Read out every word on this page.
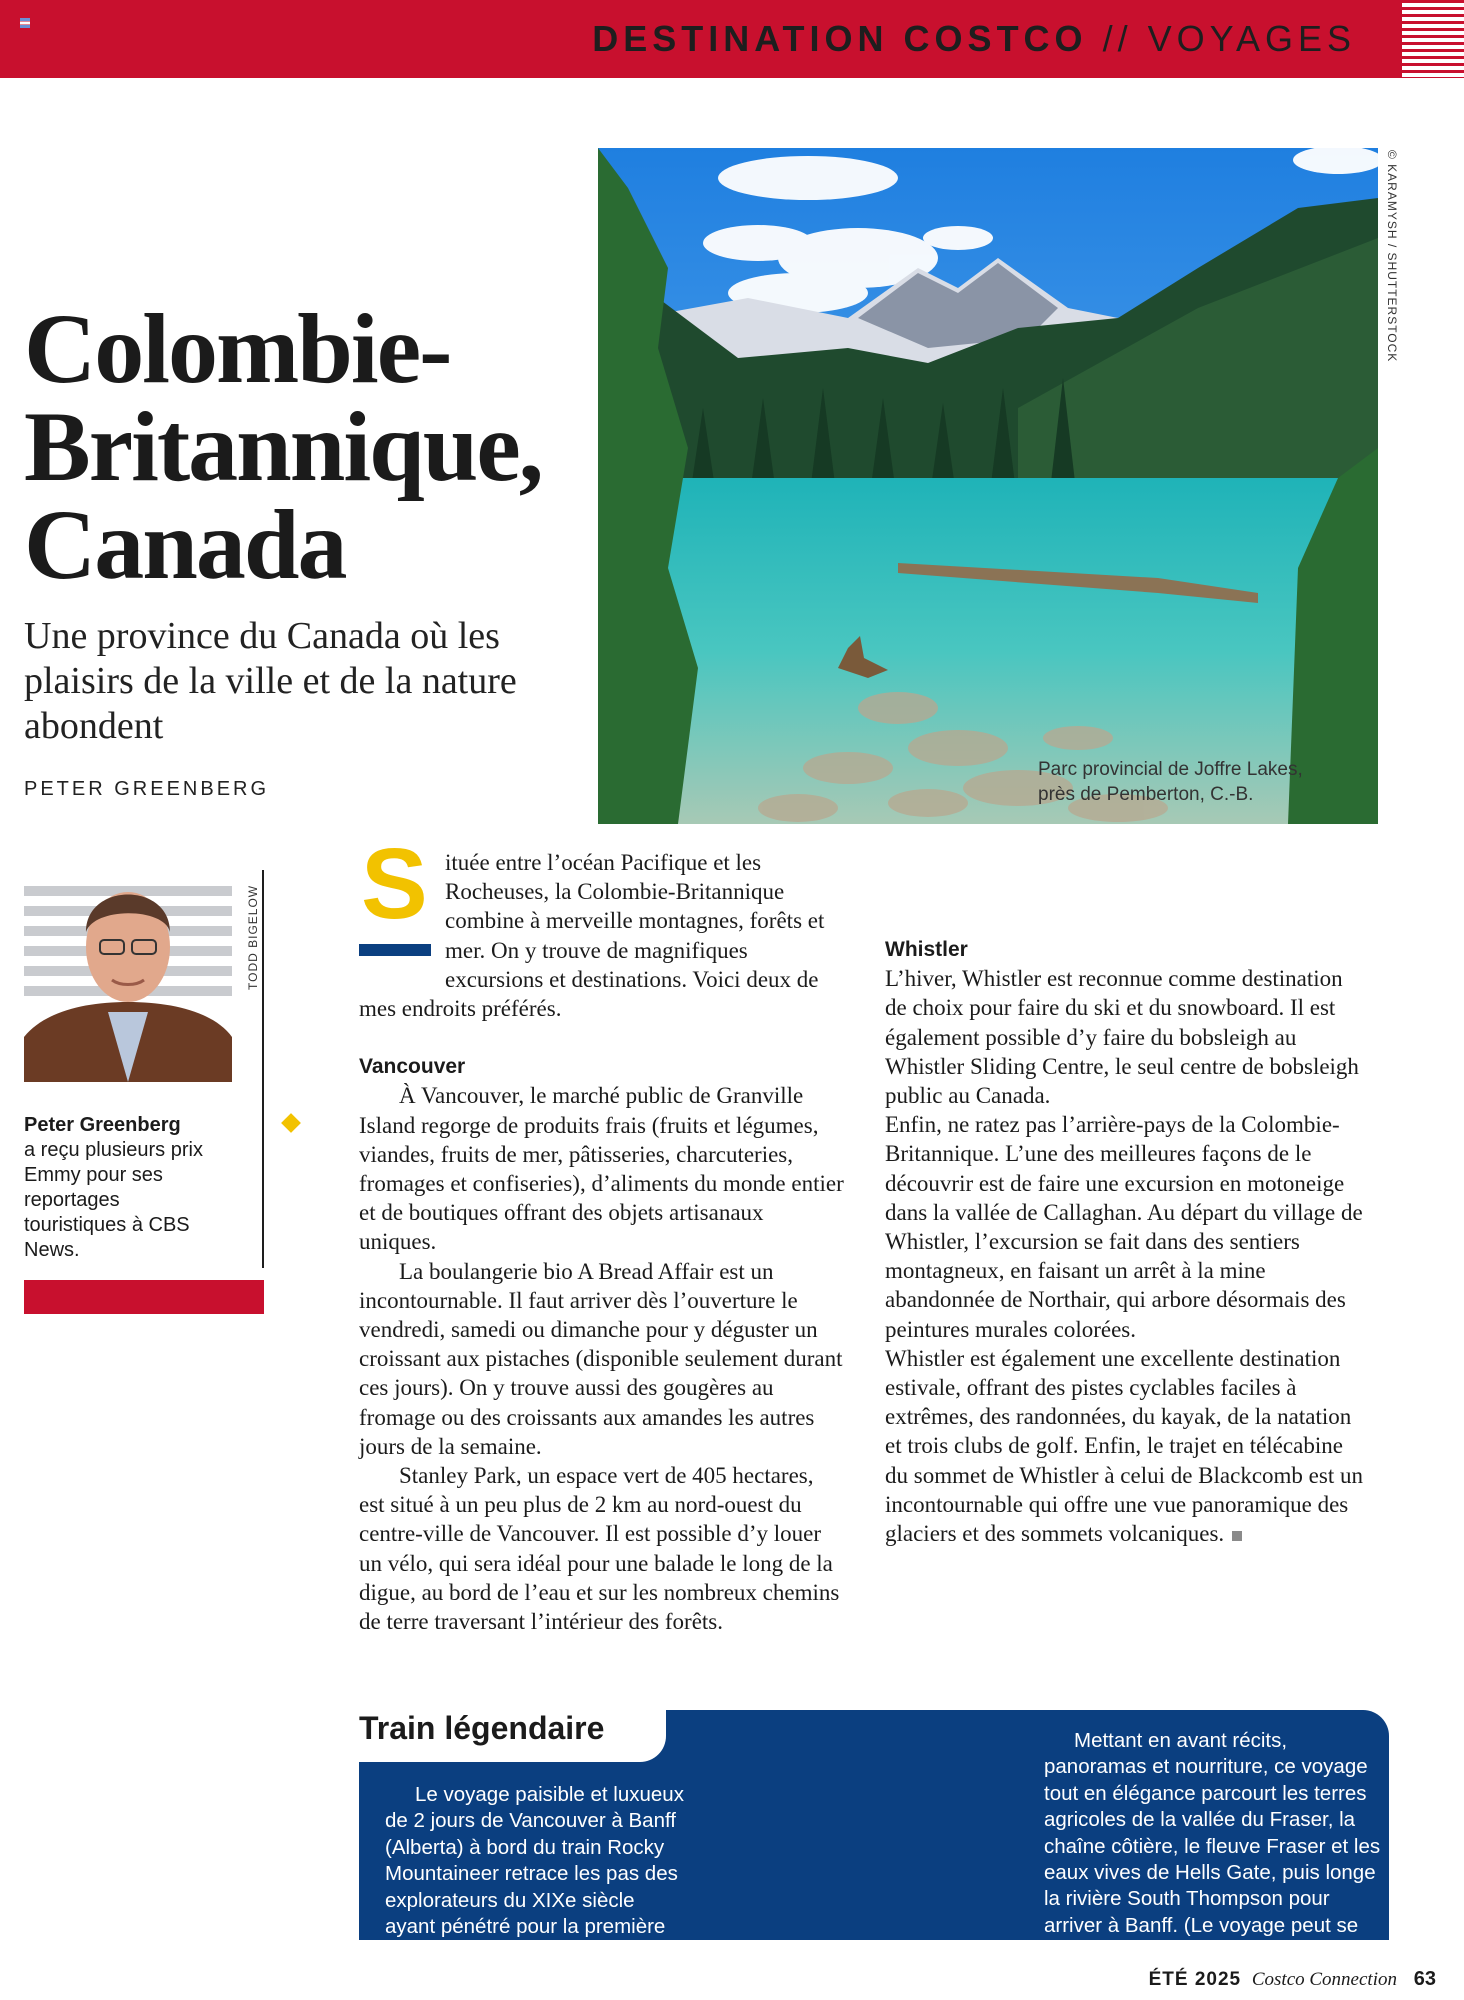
DESTINATION COSTCO // VOYAGES
Colombie-
Britannique,
Canada
Une province du Canada où les plaisirs de la ville et de la nature abondent
PETER GREENBERG
Parc provincial de Joffre Lakes,
près de Pemberton, C.-B.
© KARAMYSH / SHUTTERSTOCK
TODD BIGELOW
Peter Greenberg
a reçu plusieurs prix Emmy pour ses reportages touristiques à CBS News.
S ituée entre l’océan Pacifique et les Rocheuses, la Colombie-Britannique combine à merveille montagnes, forêts et mer. On y trouve de magnifiques excursions et destinations. Voici deux de mes endroits préférés.

Vancouver

À Vancouver, le marché public de Granville Island regorge de produits frais (fruits et légumes, viandes, fruits de mer, pâtisseries, charcuteries, fromages et confiseries), d’aliments du monde entier et de boutiques offrant des objets artisanaux uniques.

La boulangerie bio A Bread Affair est un incontournable. Il faut arriver dès l’ouverture le vendredi, samedi ou dimanche pour y déguster un croissant aux pistaches (disponible seulement durant ces jours). On y trouve aussi des gougères au fromage ou des croissants aux amandes les autres jours de la semaine.

Stanley Park, un espace vert de 405 hectares, est situé à un peu plus de 2 km au nord-ouest du centre-ville de Vancouver. Il est possible d’y louer un vélo, qui sera idéal pour une balade le long de la digue, au bord de l’eau et sur les nombreux chemins de terre traversant l’intérieur des forêts.

Whistler

L’hiver, Whistler est reconnue comme destination de choix pour faire du ski et du snowboard. Il est également possible d’y faire du bobsleigh au Whistler Sliding Centre, le seul centre de bobsleigh public au Canada.

Enfin, ne ratez pas l’arrière-pays de la Colombie-Britannique. L’une des meilleures façons de le découvrir est de faire une excursion en motoneige dans la vallée de Callaghan. Au départ du village de Whistler, l’excursion se fait dans des sentiers montagneux, en faisant un arrêt à la mine abandonnée de Northair, qui arbore désormais des peintures murales colorées.

Whistler est également une excellente destination estivale, offrant des pistes cyclables faciles à extrêmes, des randonnées, du kayak, de la natation et trois clubs de golf. Enfin, le trajet en télécabine du sommet de Whistler à celui de Blackcomb est un incontournable qui offre une vue panoramique des glaciers et des sommets volcaniques.

Train légendaire

Le voyage paisible et luxueux de 2 jours de Vancouver à Banff (Alberta) à bord du train Rocky Mountaineer retrace les pas des explorateurs du XIXe siècle ayant pénétré pour la première fois cette majestueuse région sauvage.

Mettant en avant récits, panoramas et nourriture, ce voyage tout en élégance parcourt les terres agricoles de la vallée du Fraser, la chaîne côtière, le fleuve Fraser et les eaux vives de Hells Gate, puis longe la rivière South Thompson pour arriver à Banff. (Le voyage peut se faire dans le sens inverse.)—PG

ÉTÉ 2025 Costco Connection 63
